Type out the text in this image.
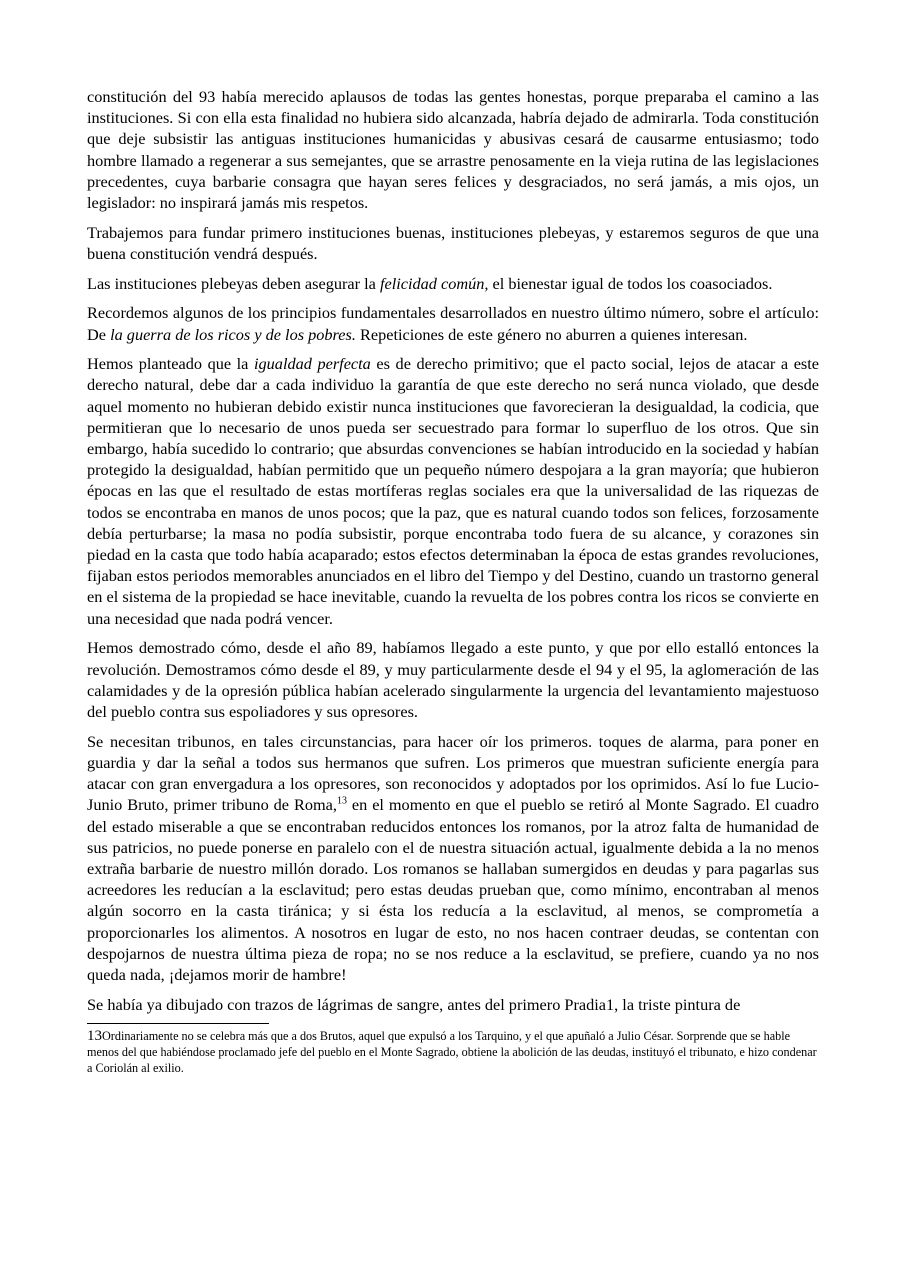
constitución del 93 había merecido aplausos de todas las gentes honestas, porque preparaba el camino a las instituciones. Si con ella esta finalidad no hubiera sido alcanzada, habría dejado de admirarla. Toda constitución que deje subsistir las antiguas instituciones humanicidas y abusivas cesará de causarme entusiasmo; todo hombre llamado a regenerar a sus semejantes, que se arrastre penosamente en la vieja rutina de las legislaciones precedentes, cuya barbarie consagra que hayan seres felices y desgraciados, no será jamás, a mis ojos, un legislador: no inspirará jamás mis respetos.

Trabajemos para fundar primero instituciones buenas, instituciones plebeyas, y estaremos seguros de que una buena constitución vendrá después.

Las instituciones plebeyas deben asegurar la felicidad común, el bienestar igual de todos los coasociados.

Recordemos algunos de los principios fundamentales desarrollados en nuestro último número, sobre el artículo: De la guerra de los ricos y de los pobres. Repeticiones de este género no aburren a quienes interesan.

Hemos planteado que la igualdad perfecta es de derecho primitivo; que el pacto social, lejos de atacar a este derecho natural, debe dar a cada individuo la garantía de que este derecho no será nunca violado, que desde aquel momento no hubieran debido existir nunca instituciones que favorecieran la desigualdad, la codicia, que permitieran que lo necesario de unos pueda ser secuestrado para formar lo superfluo de los otros. Que sin embargo, había sucedido lo contrario; que absurdas convenciones se habían introducido en la sociedad y habían protegido la desigualdad, habían permitido que un pequeño número despojara a la gran mayoría; que hubieron épocas en las que el resultado de estas mortíferas reglas sociales era que la universalidad de las riquezas de todos se encontraba en manos de unos pocos; que la paz, que es natural cuando todos son felices, forzosamente debía perturbarse; la masa no podía subsistir, porque encontraba todo fuera de su alcance, y corazones sin piedad en la casta que todo había acaparado; estos efectos determinaban la época de estas grandes revoluciones, fijaban estos periodos memorables anunciados en el libro del Tiempo y del Destino, cuando un trastorno general en el sistema de la propiedad se hace inevitable, cuando la revuelta de los pobres contra los ricos se convierte en una necesidad que nada podrá vencer.

Hemos demostrado cómo, desde el año 89, habíamos llegado a este punto, y que por ello estalló entonces la revolución. Demostramos cómo desde el 89, y muy particularmente desde el 94 y el 95, la aglomeración de las calamidades y de la opresión pública habían acelerado singularmente la urgencia del levantamiento majestuoso del pueblo contra sus espoliadores y sus opresores.

Se necesitan tribunos, en tales circunstancias, para hacer oír los primeros. toques de alarma, para poner en guardia y dar la señal a todos sus hermanos que sufren. Los primeros que muestran suficiente energía para atacar con gran envergadura a los opresores, son reconocidos y adoptados por los oprimidos. Así lo fue Lucio-Junio Bruto, primer tribuno de Roma,$^{13}$ en el momento en que el pueblo se retiró al Monte Sagrado. El cuadro del estado miserable a que se encontraban reducidos entonces los romanos, por la atroz falta de humanidad de sus patricios, no puede ponerse en paralelo con el de nuestra situación actual, igualmente debida a la no menos extraña barbarie de nuestro millón dorado. Los romanos se hallaban sumergidos en deudas y para pagarlas sus acreedores les reducían a la esclavitud; pero estas deudas prueban que, como mínimo, encontraban al menos algún socorro en la casta tiránica; y si ésta los reducía a la esclavitud, al menos, se comprometía a proporcionarles los alimentos. A nosotros en lugar de esto, no nos hacen contraer deudas, se contentan con despojarnos de nuestra última pieza de ropa; no se nos reduce a la esclavitud, se prefiere, cuando ya no nos queda nada, ¡dejamos morir de hambre!

Se había ya dibujado con trazos de lágrimas de sangre, antes del primero Pradia1, la triste pintura de

13Ordinariamente no se celebra más que a dos Brutos, aquel que expulsó a los Tarquino, y el que apuñaló a Julio César. Sorprende que se hable menos del que habiéndose proclamado jefe del pueblo en el Monte Sagrado, obtiene la abolición de las deudas, instituyó el tribunato, e hizo condenar a Coriolán al exilio.
